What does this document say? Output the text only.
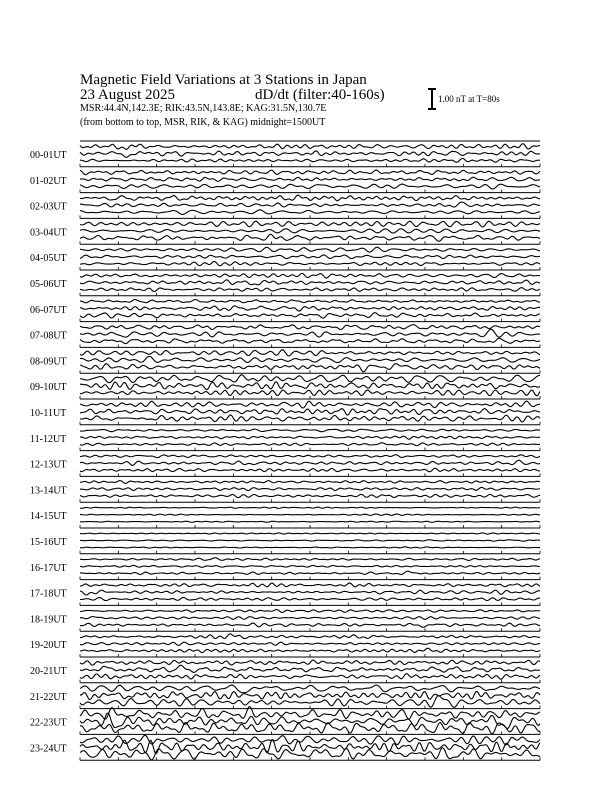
Magnetic Field Variations at 3 Stations in Japan
23 August 2025	dD/dt (filter:40-160s)
MSR:44.4N,142.3E; RIK:43.5N,143.8E; KAG:31.5N,130.7E
(from bottom to top, MSR, RIK, & KAG) midnight=1500UT
1.00 nT at T=80s
00-01UT
01-02UT
02-03UT
03-04UT
04-05UT
05-06UT
06-07UT
07-08UT
08-09UT
09-10UT
10-11UT
11-12UT
12-13UT
13-14UT
14-15UT
15-16UT
16-17UT
17-18UT
18-19UT
19-20UT
20-21UT
21-22UT
22-23UT
23-24UT
